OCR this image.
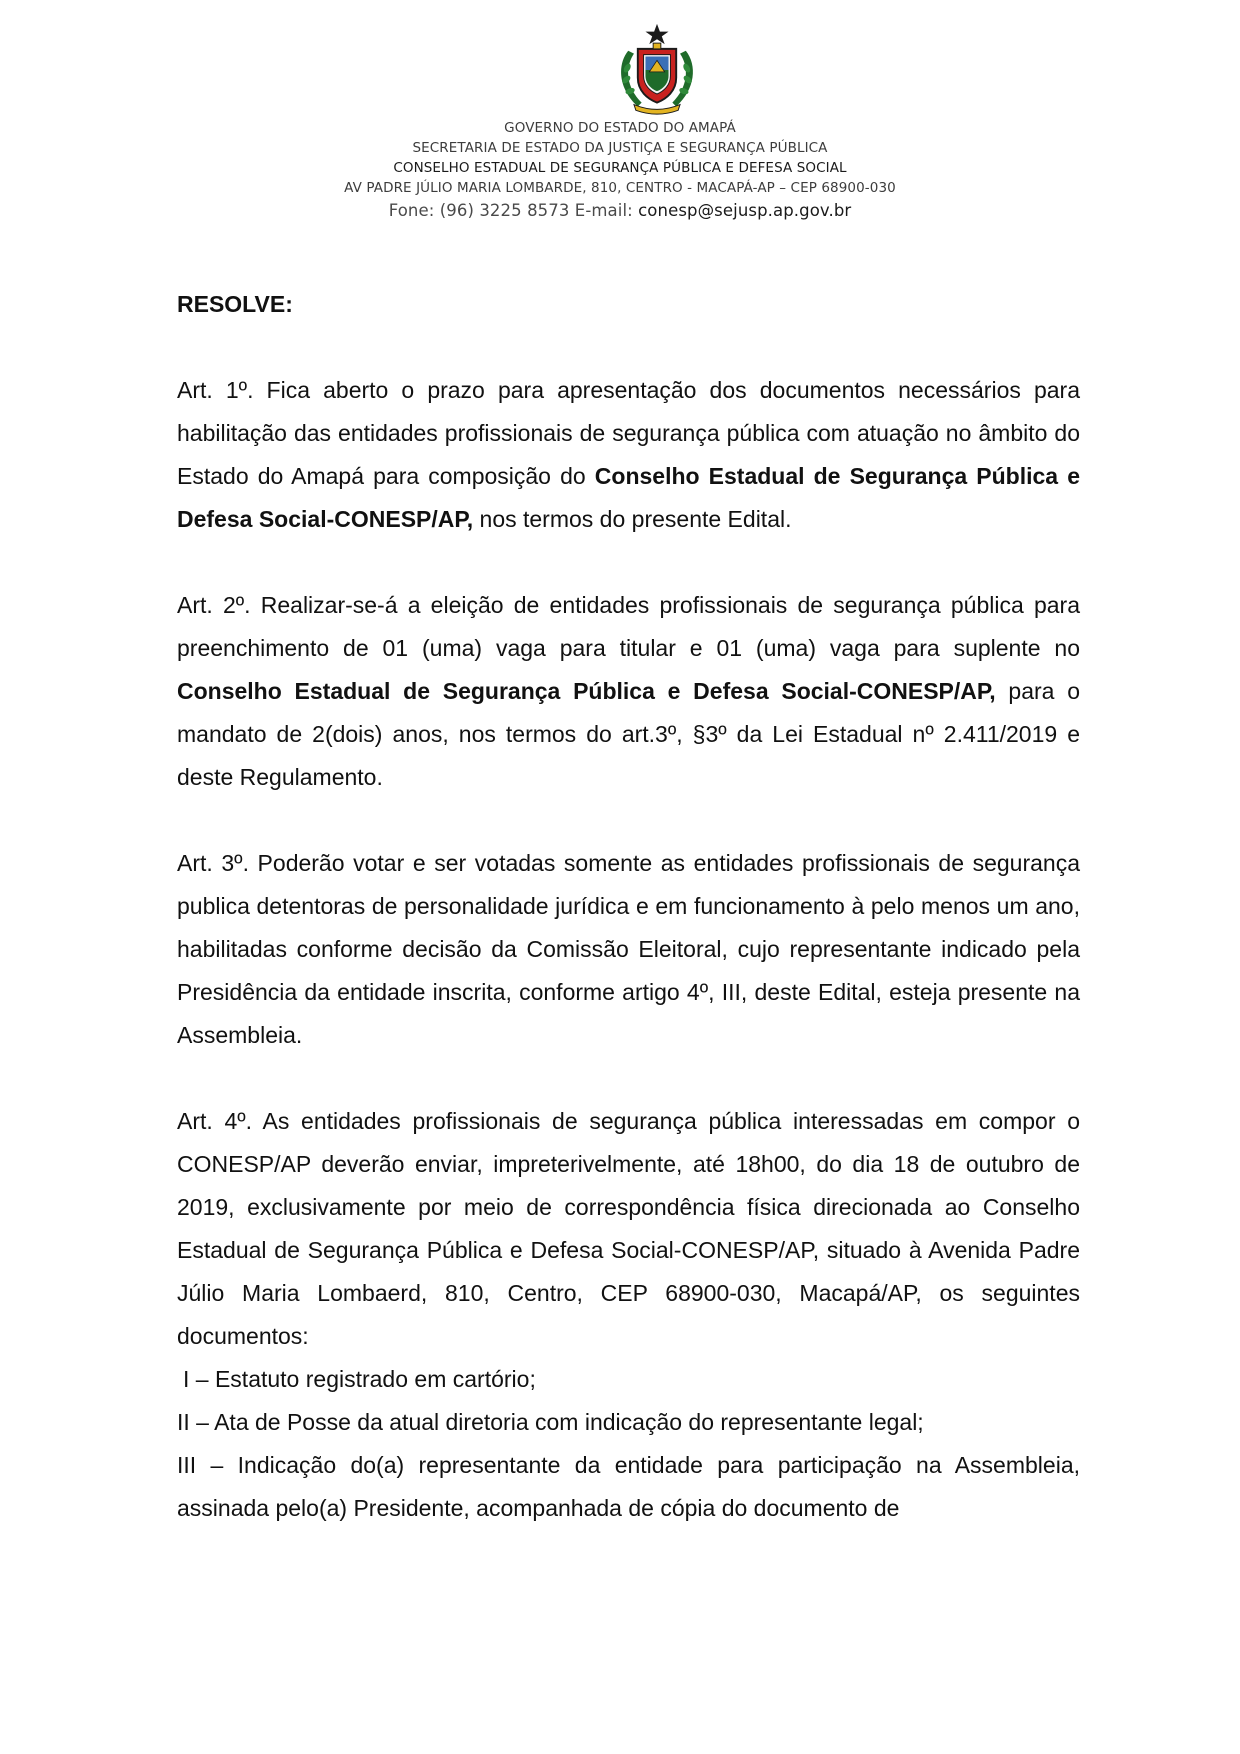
GOVERNO DO ESTADO DO AMAPÁ
SECRETARIA DE ESTADO DA JUSTIÇA E SEGURANÇA PÚBLICA
CONSELHO ESTADUAL DE SEGURANÇA PÚBLICA E DEFESA SOCIAL
AV PADRE JÚLIO MARIA LOMBARDE, 810, CENTRO - MACAPÁ-AP – CEP 68900-030
Fone: (96) 3225 8573 E-mail: conesp@sejusp.ap.gov.br

RESOLVE:

Art. 1º. Fica aberto o prazo para apresentação dos documentos necessários para habilitação das entidades profissionais de segurança pública com atuação no âmbito do Estado do Amapá para composição do Conselho Estadual de Segurança Pública e Defesa Social-CONESP/AP, nos termos do presente Edital.

Art. 2º. Realizar-se-á a eleição de entidades profissionais de segurança pública para preenchimento de 01 (uma) vaga para titular e 01 (uma) vaga para suplente no Conselho Estadual de Segurança Pública e Defesa Social-CONESP/AP, para o mandato de 2(dois) anos, nos termos do art.3º, §3º da Lei Estadual nº 2.411/2019 e deste Regulamento.

Art. 3º. Poderão votar e ser votadas somente as entidades profissionais de segurança publica detentoras de personalidade jurídica e em funcionamento à pelo menos um ano, habilitadas conforme decisão da Comissão Eleitoral, cujo representante indicado pela Presidência da entidade inscrita, conforme artigo 4º, III, deste Edital, esteja presente na Assembleia.

Art. 4º. As entidades profissionais de segurança pública interessadas em compor o CONESP/AP deverão enviar, impreterivelmente, até 18h00, do dia 18 de outubro de 2019, exclusivamente por meio de correspondência física direcionada ao Conselho Estadual de Segurança Pública e Defesa Social-CONESP/AP, situado à Avenida Padre Júlio Maria Lombaerd, 810, Centro, CEP 68900-030, Macapá/AP, os seguintes documentos:

I – Estatuto registrado em cartório;

II – Ata de Posse da atual diretoria com indicação do representante legal;

III – Indicação do(a) representante da entidade para participação na Assembleia, assinada pelo(a) Presidente, acompanhada de cópia do documento de
